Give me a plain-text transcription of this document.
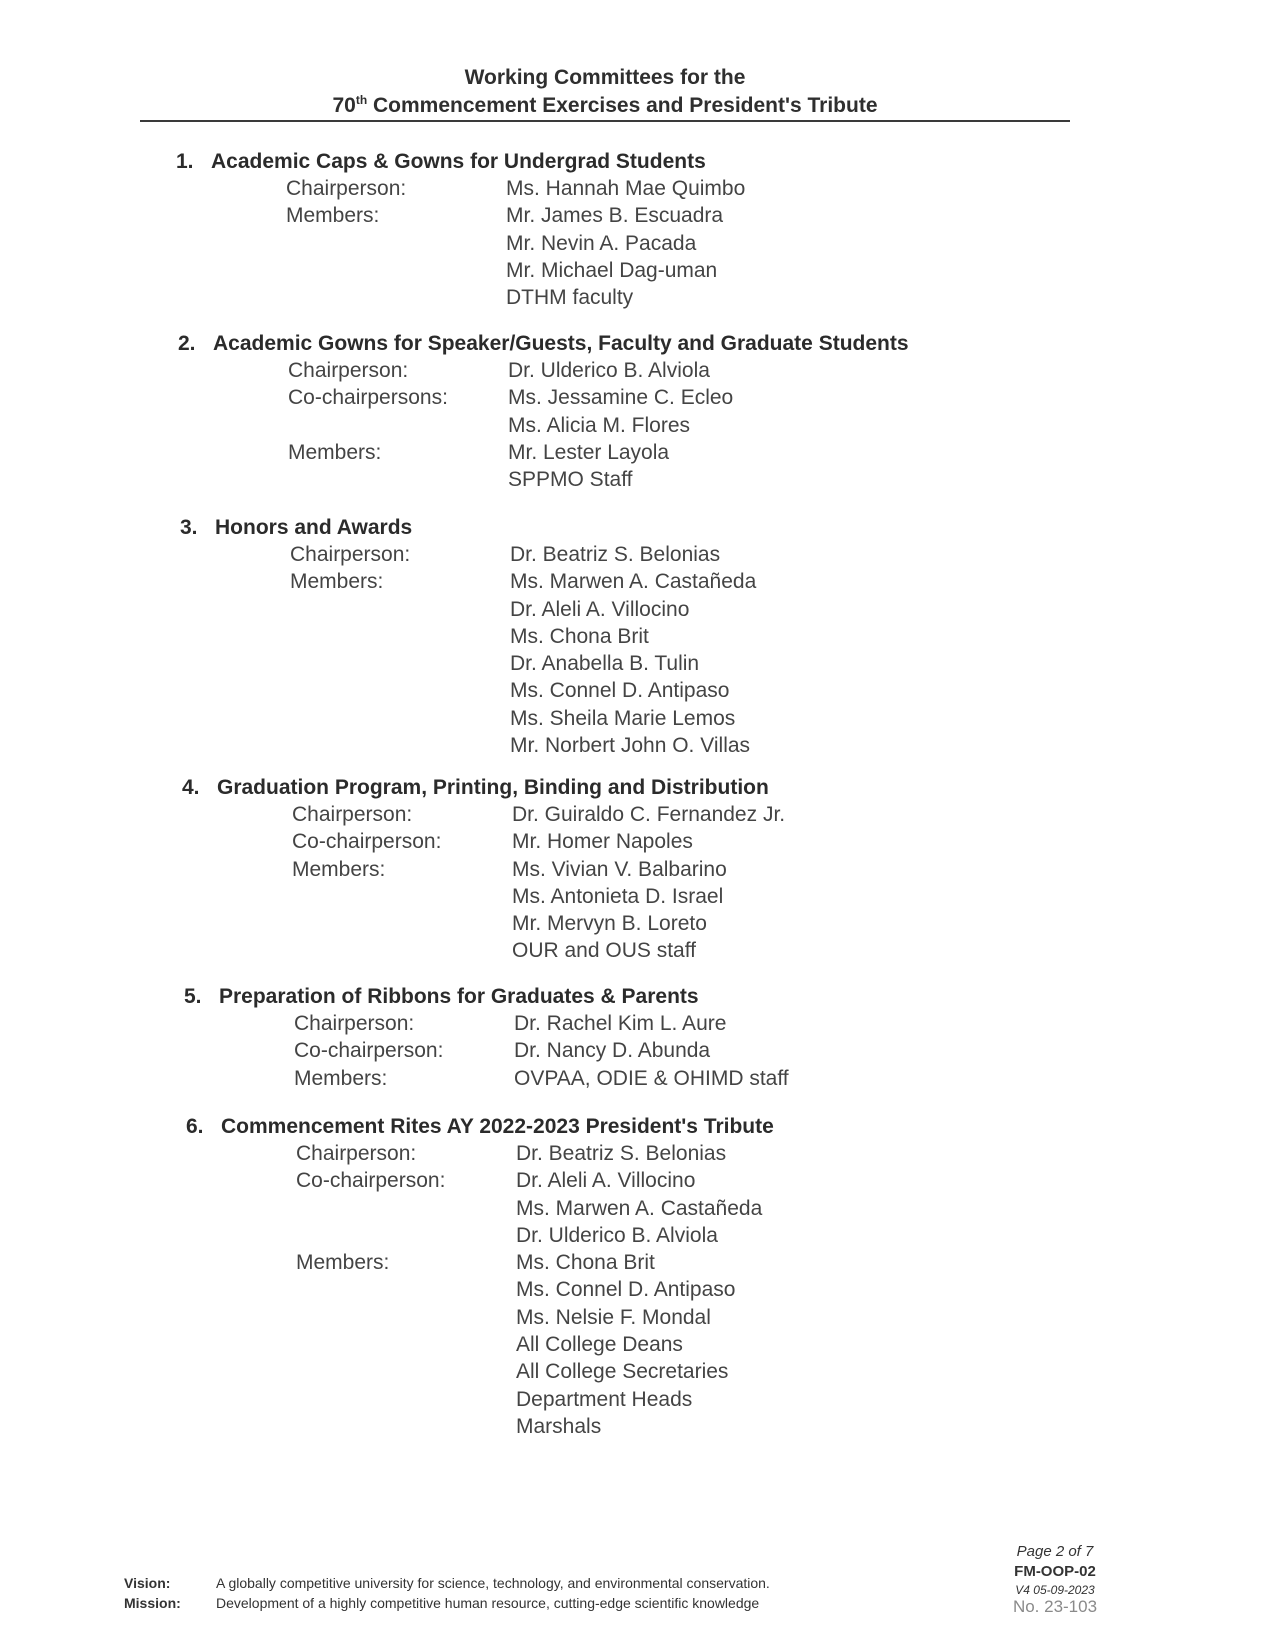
Working Committees for the
70th Commencement Exercises and President's Tribute
1. Academic Caps & Gowns for Undergrad Students
Chairperson:	Ms. Hannah Mae Quimbo
Members:	Mr. James B. Escuadra
Mr. Nevin A. Pacada
Mr. Michael Dag-uman
DTHM faculty
2. Academic Gowns for Speaker/Guests, Faculty and Graduate Students
Chairperson:	Dr. Ulderico B. Alviola
Co-chairpersons:	Ms. Jessamine C. Ecleo
Ms. Alicia M. Flores
Members:	Mr. Lester Layola
SPPMO Staff
3. Honors and Awards
Chairperson:	Dr. Beatriz S. Belonias
Members:	Ms. Marwen A. Castañeda
Dr. Aleli A. Villocino
Ms. Chona Brit
Dr. Anabella B. Tulin
Ms. Connel D. Antipaso
Ms. Sheila Marie Lemos
Mr. Norbert John O. Villas
4. Graduation Program, Printing, Binding and Distribution
Chairperson:	Dr. Guiraldo C. Fernandez Jr.
Co-chairperson:	Mr. Homer Napoles
Members:	Ms. Vivian V. Balbarino
Ms. Antonieta D. Israel
Mr. Mervyn B. Loreto
OUR and OUS staff
5. Preparation of Ribbons for Graduates & Parents
Chairperson:	Dr. Rachel Kim L. Aure
Co-chairperson:	Dr. Nancy D. Abunda
Members:	OVPAA, ODIE & OHIMD staff
6. Commencement Rites AY 2022-2023 President's Tribute
Chairperson:	Dr. Beatriz S. Belonias
Co-chairperson:	Dr. Aleli A. Villocino
Ms. Marwen A. Castañeda
Dr. Ulderico B. Alviola
Members:	Ms. Chona Brit
Ms. Connel D. Antipaso
Ms. Nelsie F. Mondal
All College Deans
All College Secretaries
Department Heads
Marshals
Vision:	A globally competitive university for science, technology, and environmental conservation.
Mission:	Development of a highly competitive human resource, cutting-edge scientific knowledge
Page 2 of 7
FM-OOP-02
V4 05-09-2023
No. 23-103
